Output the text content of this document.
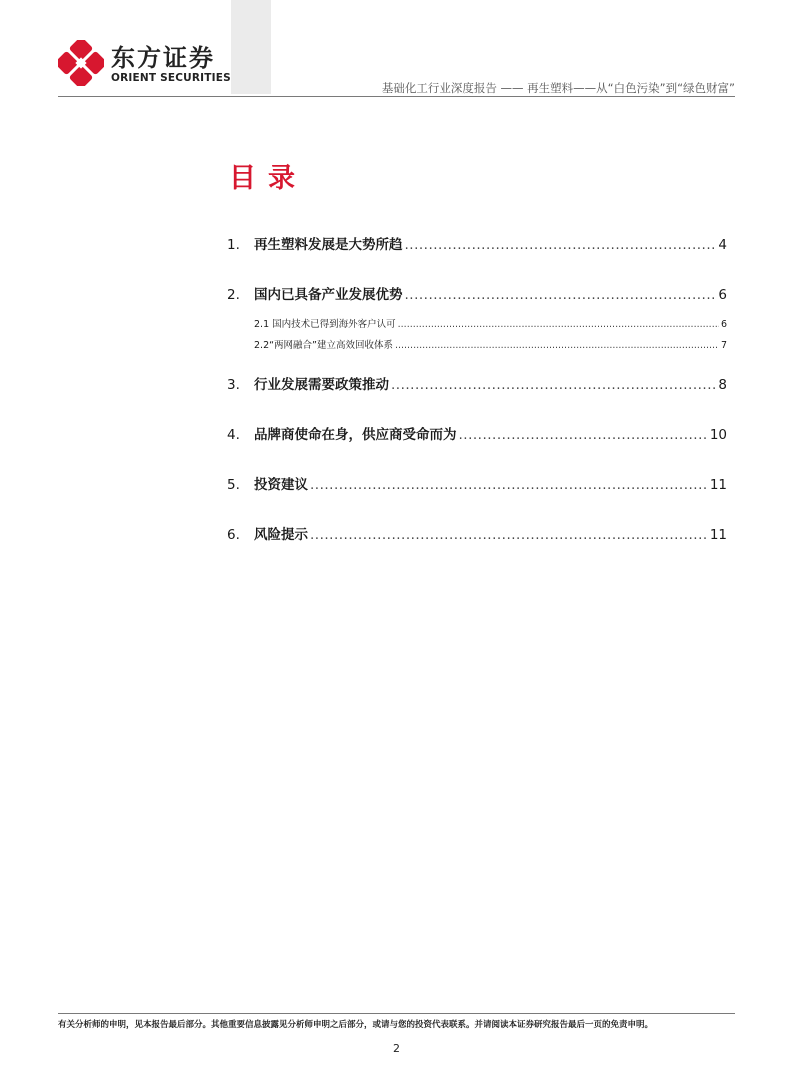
东方证券
ORIENT SECURITIES
基础化工行业深度报告 —— 再生塑料——从“白色污染”到“绿色财富”
目录
1.	再生塑料发展是大势所趋 .....	4
2.	国内已具备产业发展优势 .....	6
2.1 国内技术已得到海外客户认可 .....	6
2.2“两网融合”建立高效回收体系 .....	7
3.	行业发展需要政策推动 .....	8
4.	品牌商使命在身，供应商受命而为 .....	10
5.	投资建议 .....	11
6.	风险提示 .....	11
有关分析师的申明，见本报告最后部分。其他重要信息披露见分析师申明之后部分，或请与您的投资代表联系。并请阅读本证券研究报告最后一页的免责申明。
2
